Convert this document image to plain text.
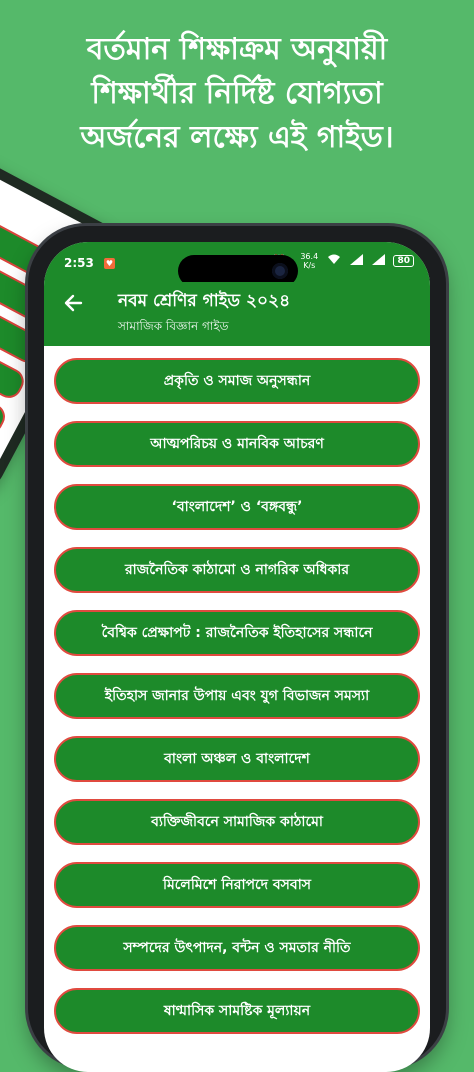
বর্তমান শিক্ষাক্রম অনুযায়ী
শিক্ষার্থীর নির্দিষ্ট যোগ্যতা
অর্জনের লক্ষ্যে এই গাইড।
2:53 ♥
36.4
K/s	80
নবম শ্রেণির গাইড ২০২৪
সামাজিক বিজ্ঞান গাইড
প্রকৃতি ও সমাজ অনুসন্ধান
আত্মপরিচয় ও মানবিক আচরণ
‘বাংলাদেশ’ ও ‘বঙ্গবন্ধু’
রাজনৈতিক কাঠামো ও নাগরিক অধিকার
বৈশ্বিক প্রেক্ষাপট : রাজনৈতিক ইতিহাসের সন্ধানে
ইতিহাস জানার উপায় এবং যুগ বিভাজন সমস্যা
বাংলা অঞ্চল ও বাংলাদেশ
ব্যক্তিজীবনে সামাজিক কাঠামো
মিলেমিশে নিরাপদে বসবাস
সম্পদের উৎপাদন, বন্টন ও সমতার নীতি
ষাণ্মাসিক সামষ্টিক মূল্যায়ন
